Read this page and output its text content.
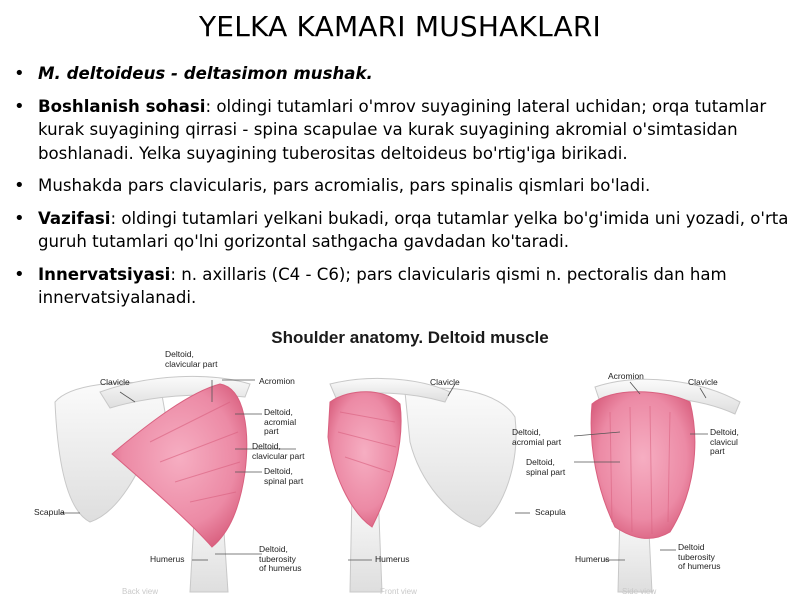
YELKA KAMARI MUSHAKLARI
• M. deltoideus - deltasimon mushak.
• Boshlanish sohasi: oldingi tutamlari o'mrov suyagining lateral uchidan; orqa tutamlar kurak suyagining qirrasi - spina scapulae va kurak suyagining akromial o'simtasidan boshlanadi. Yelka suyagining tuberositas deltoideus bo'rtig'iga birikadi.
• Mushakda pars clavicularis, pars acromialis, pars spinalis qismlari bo'ladi.
• Vazifasi: oldingi tutamlari yelkani bukadi, orqa tutamlar yelka bo'g'imida uni yozadi, o'rta guruh tutamlari qo'lni gorizontal sathgacha gavdadan ko'taradi.
• Innervatsiyasi: n. axillaris (C4 - C6); pars clavicularis qismi n. pectoralis dan ham innervatsiyalanadi.
Shoulder anatomy. Deltoid muscle
Deltoid,
clavicular part
Clavicle	Acromion
Deltoid,
acromial
part
Deltoid,
clavicular part
Deltoid,
spinal part
Scapula
Humerus
Deltoid,
tuberosity
of humerus
Clavicle
Humerus
Scapula
Acromion
Clavicle
Deltoid,
acromial part
Deltoid,
clavicul
part
Deltoid,
spinal part
Humerus
Deltoid
tuberosity
of humerus
Back view	Front view	Side view
